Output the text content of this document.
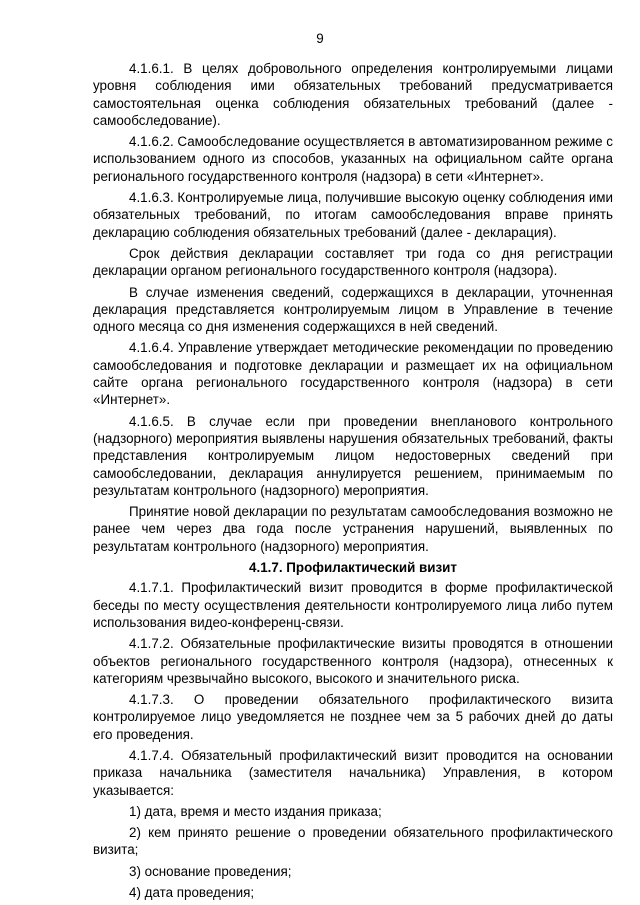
9

4.1.6.1. В целях добровольного определения контролируемыми лицами уровня соблюдения ими обязательных требований предусматривается самостоятельная оценка соблюдения обязательных требований (далее - самообследование).

4.1.6.2. Самообследование осуществляется в автоматизированном режиме с использованием одного из способов, указанных на официальном сайте органа регионального государственного контроля (надзора) в сети «Интернет».

4.1.6.3. Контролируемые лица, получившие высокую оценку соблюдения ими обязательных требований, по итогам самообследования вправе принять декларацию соблюдения обязательных требований (далее - декларация).

Срок действия декларации составляет три года со дня регистрации декларации органом регионального государственного контроля (надзора).

В случае изменения сведений, содержащихся в декларации, уточненная декларация представляется контролируемым лицом в Управление в течение одного месяца со дня изменения содержащихся в ней сведений.

4.1.6.4. Управление утверждает методические рекомендации по проведению самообследования и подготовке декларации и размещает их на официальном сайте органа регионального государственного контроля (надзора) в сети «Интернет».

4.1.6.5. В случае если при проведении внепланового контрольного (надзорного) мероприятия выявлены нарушения обязательных требований, факты представления контролируемым лицом недостоверных сведений при самообследовании, декларация аннулируется решением, принимаемым по результатам контрольного (надзорного) мероприятия.

Принятие новой декларации по результатам самообследования возможно не ранее чем через два года после устранения нарушений, выявленных по результатам контрольного (надзорного) мероприятия.

4.1.7. Профилактический визит

4.1.7.1. Профилактический визит проводится в форме профилактической беседы по месту осуществления деятельности контролируемого лица либо путем использования видео-конференц-связи.

4.1.7.2. Обязательные профилактические визиты проводятся в отношении объектов регионального государственного контроля (надзора), отнесенных к категориям чрезвычайно высокого, высокого и значительного риска.

4.1.7.3. О проведении обязательного профилактического визита контролируемое лицо уведомляется не позднее чем за 5 рабочих дней до даты его проведения.

4.1.7.4. Обязательный профилактический визит проводится на основании приказа начальника (заместителя начальника) Управления, в котором указывается:

1) дата, время и место издания приказа;

2) кем принято решение о проведении обязательного профилактического визита;

3) основание проведения;

4) дата проведения;
